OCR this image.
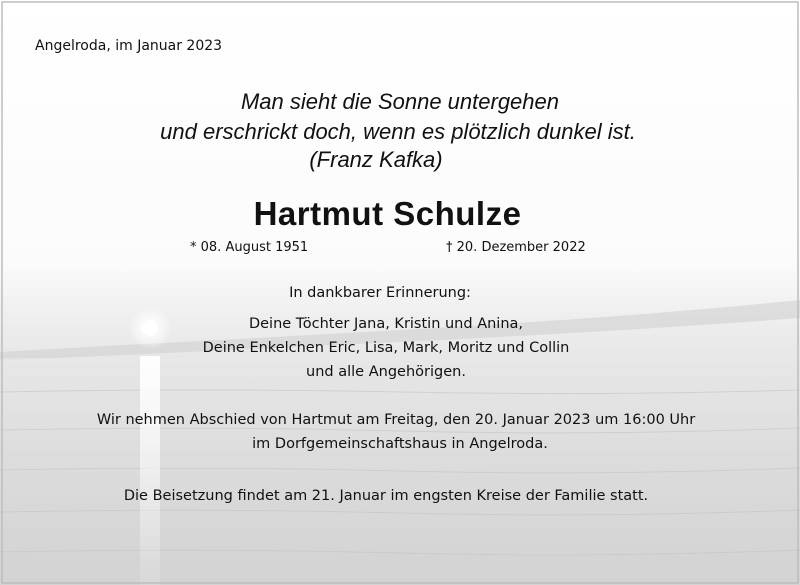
Angelroda, im Januar 2023

Man sieht die Sonne untergehen

und erschrickt doch, wenn es plötzlich dunkel ist.

(Franz Kafka)

Hartmut Schulze

* 08. August 1951	† 20. Dezember 2022

In dankbarer Erinnerung:

Deine Töchter Jana, Kristin und Anina,

Deine Enkelchen Eric, Lisa, Mark, Moritz und Collin

und alle Angehörigen.

Wir nehmen Abschied von Hartmut am Freitag, den 20. Januar 2023 um 16:00 Uhr

im Dorfgemeinschaftshaus in Angelroda.

Die Beisetzung findet am 21. Januar im engsten Kreise der Familie statt.
